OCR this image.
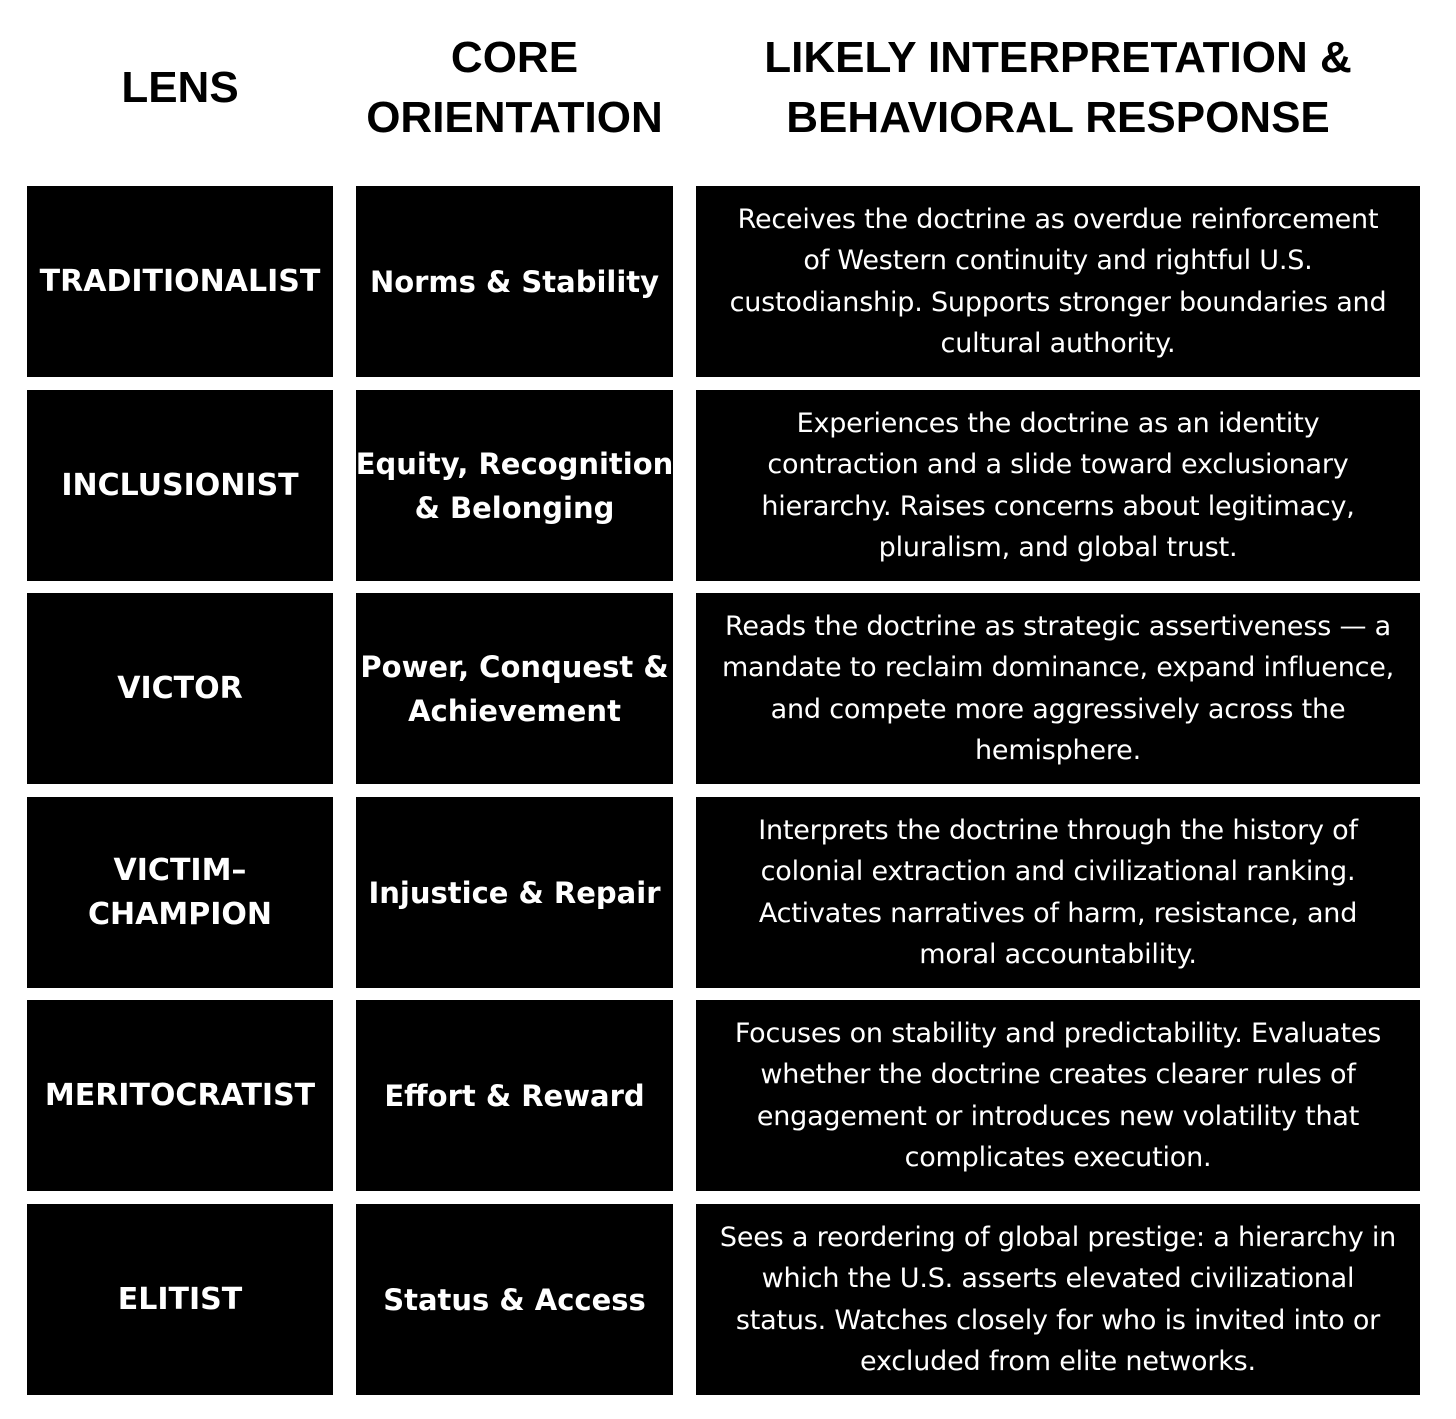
LENS
CORE
ORIENTATION
LIKELY INTERPRETATION &
BEHAVIORAL RESPONSE
TRADITIONALIST Norms & Stability
Receives the doctrine as overdue reinforcement
of Western continuity and rightful U.S.
custodianship. Supports stronger boundaries and
cultural authority.
INCLUSIONIST
Equity, Recognition
& Belonging
Experiences the doctrine as an identity
contraction and a slide toward exclusionary
hierarchy. Raises concerns about legitimacy,
pluralism, and global trust.
VICTOR
Power, Conquest &
Achievement
Reads the doctrine as strategic assertiveness — a
mandate to reclaim dominance, expand influence,
and compete more aggressively across the
hemisphere.
VICTIM–
CHAMPION
Injustice & Repair
Interprets the doctrine through the history of
colonial extraction and civilizational ranking.
Activates narratives of harm, resistance, and
moral accountability.
MERITOCRATIST Effort & Reward
Focuses on stability and predictability. Evaluates
whether the doctrine creates clearer rules of
engagement or introduces new volatility that
complicates execution.
ELITIST	Status & Access
Sees a reordering of global prestige: a hierarchy in
which the U.S. asserts elevated civilizational
status. Watches closely for who is invited into or
excluded from elite networks.
